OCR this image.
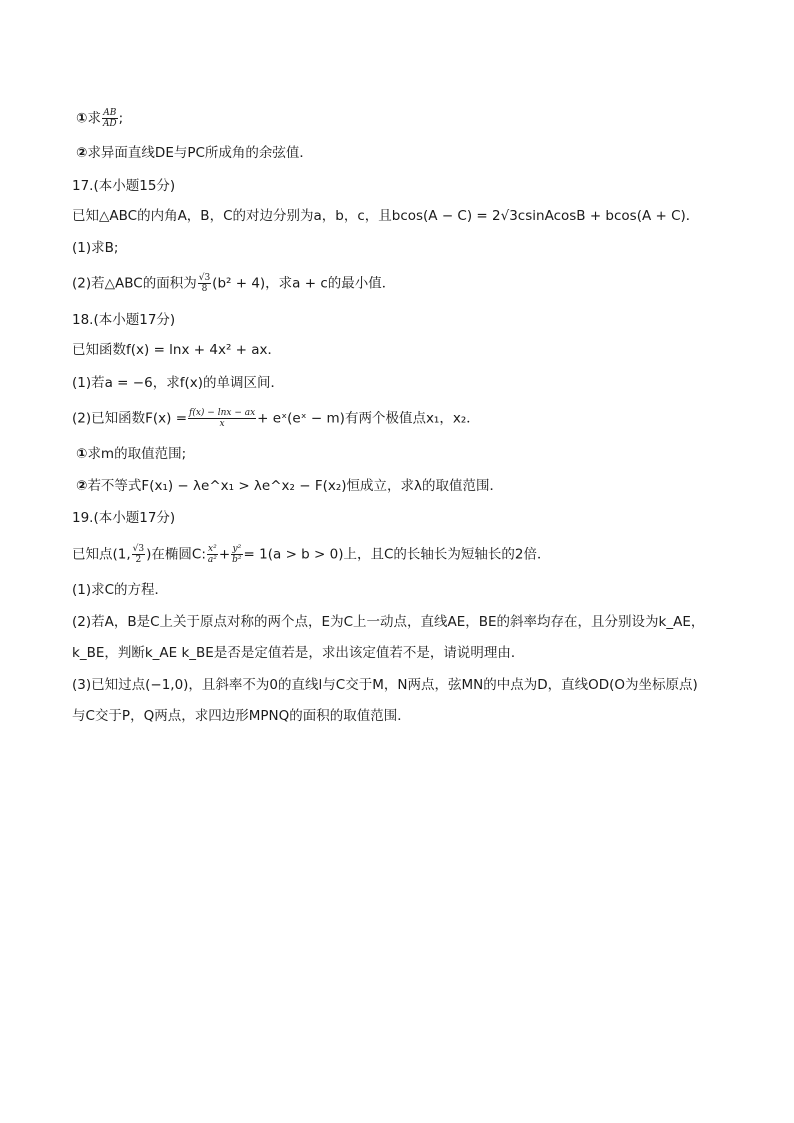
①求 $\frac{AB}{AD}$ ;
②求异面直线DE与PC所成角的余弦值．
17.(本小题15分)
已知△ABC的内角A，B，C的对边分别为a，b，c，且bcos(A − C) = 2√3csinAcosB + bcos(A + C)．
(1)求B;
(2)若△ABC的面积为 $\frac{√3}{8} (b^2 + 4)$，求a + c的最小值．
18.(本小题17分)
已知函数f(x) = lnx + 4x² + ax．
(1)若a = −6，求f(x)的单调区间．
(2)已知函数$F(x) = \frac{f(x) - \ln x - ax}{x}$ + eˣ(eˣ − m)有两个极值点x₁，x₂．
①求m的取值范围;
②若不等式F(x₁) − λe^x₁ > λe^x₂ − F(x₂)恒成立，求λ的取值范围．
19.(本小题17分)
已知点(1, $\frac{√3}{2}$ )在椭圆C: $\frac{\text{x²}}{\text{a²}} + \frac{\text{y²}}{\text{b²}} = 1(a > b > 0)$上，且C的长轴长为短轴长的2倍．
(1)求C的方程．
(2)若A，B是C上关于原点对称的两个点，E为C上一动点，直线AE，BE的斜率均存在，且分别设为k_AE，
k_BE，判断k_AE k_BE是否是定值若是，求出该定值若不是，请说明理由．
(3)已知过点(−1,0)，且斜率不为0的直线l与C交于M，N两点，弦MN的中点为D，直线OD(O为坐标原点)
与C交于P，Q两点，求四边形MPNQ的面积的取值范围．
